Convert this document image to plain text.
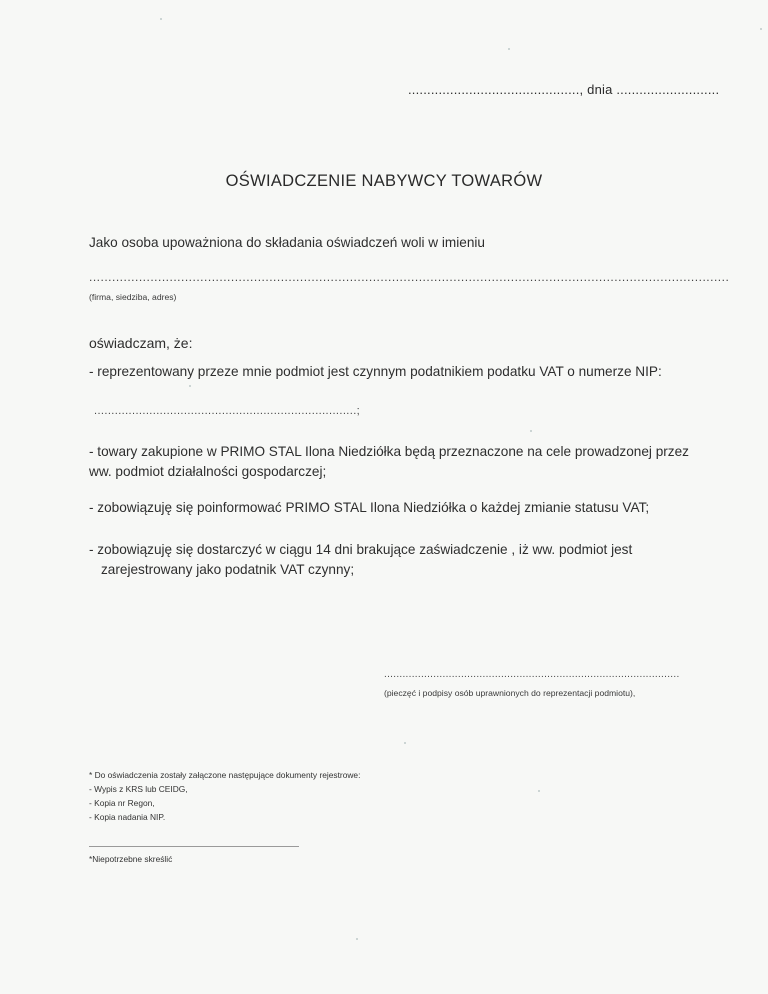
............................................., dnia ...........................
OŚWIADCZENIE NABYWCY TOWARÓW
Jako osoba upoważniona do składania oświadczeń woli w imieniu
.......................................................................................................................................................................
(firma, siedziba, adres)
oświadczam, że:
- reprezentowany przeze mnie podmiot jest czynnym podatnikiem podatku VAT o numerze NIP:
............................................................................;
- towary zakupione w PRIMO STAL Ilona Niedziółka będą przeznaczone na cele prowadzonej przez
ww. podmiot działalności gospodarczej;
- zobowiązuję się poinformować PRIMO STAL Ilona Niedziółka o każdej zmianie statusu VAT;
- zobowiązuję się dostarczyć w ciągu 14 dni brakujące zaświadczenie , iż ww. podmiot jest
zarejestrowany jako podatnik VAT czynny;
................................................................................................
(pieczęć i podpisy osób uprawnionych do reprezentacji podmiotu),
* Do oświadczenia zostały załączone następujące dokumenty rejestrowe:
- Wypis z KRS lub CEIDG,
- Kopia nr Regon,
- Kopia nadania NIP.
*Niepotrzebne skreślić
